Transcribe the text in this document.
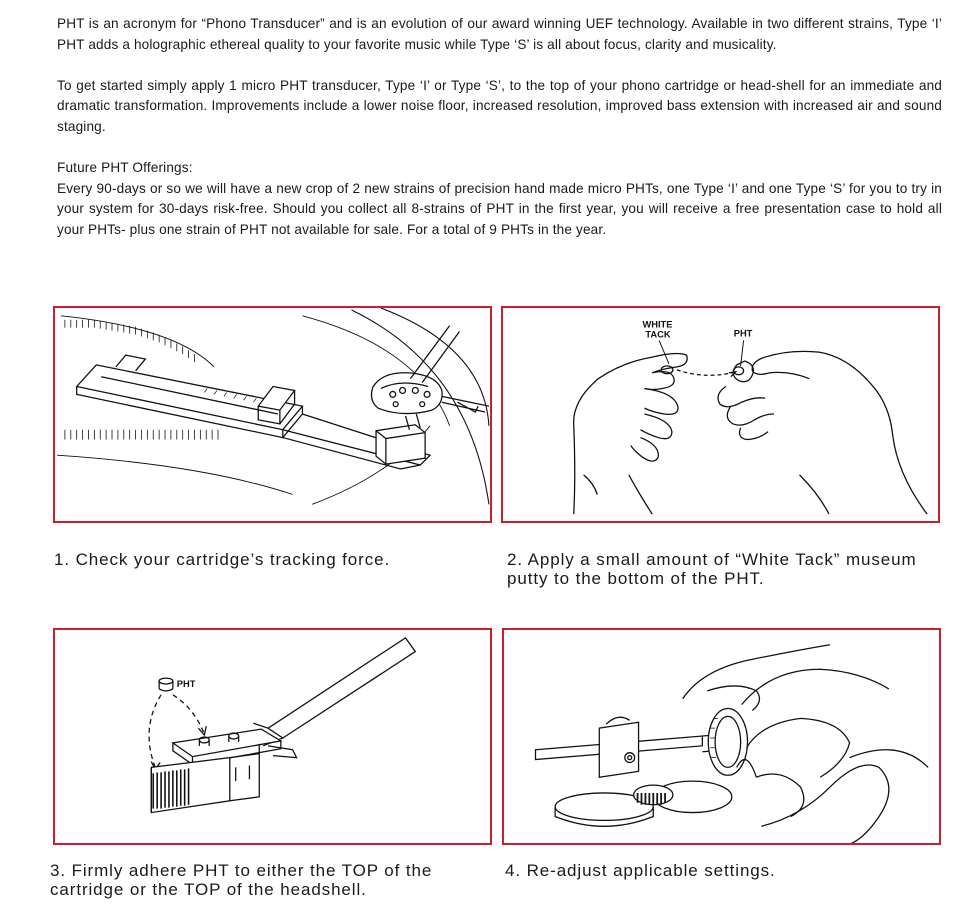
PHT is an acronym for “Phono Transducer” and is an evolution of our award winning UEF technology. Available in two different strains, Type ‘I’ PHT adds a holographic ethereal quality to your favorite music while Type ‘S’ is all about focus, clarity and musicality.

To get started simply apply 1 micro PHT transducer, Type ‘I’ or Type ‘S’, to the top of your phono cartridge or head-shell for an immediate and dramatic transformation. Improvements include a lower noise floor, increased resolution, improved bass extension with increased air and sound staging.

Future PHT Offerings:
Every 90-days or so we will have a new crop of 2 new strains of precision hand made micro PHTs, one Type ‘I’ and one Type ‘S’ for you to try in your system for 30-days risk-free. Should you collect all 8-strains of PHT in the first year, you will receive a free presentation case to hold all your PHTs- plus one strain of PHT not available for sale. For a total of 9 PHTs in the year.

WHITE
TACK	PHT
1. Check your cartridge’s tracking force.	2. Apply a small amount of “White Tack” museum putty to the bottom of the PHT.
PHT
3. Firmly adhere PHT to either the TOP of the cartridge or the TOP of the headshell.
4. Re-adjust applicable settings.
